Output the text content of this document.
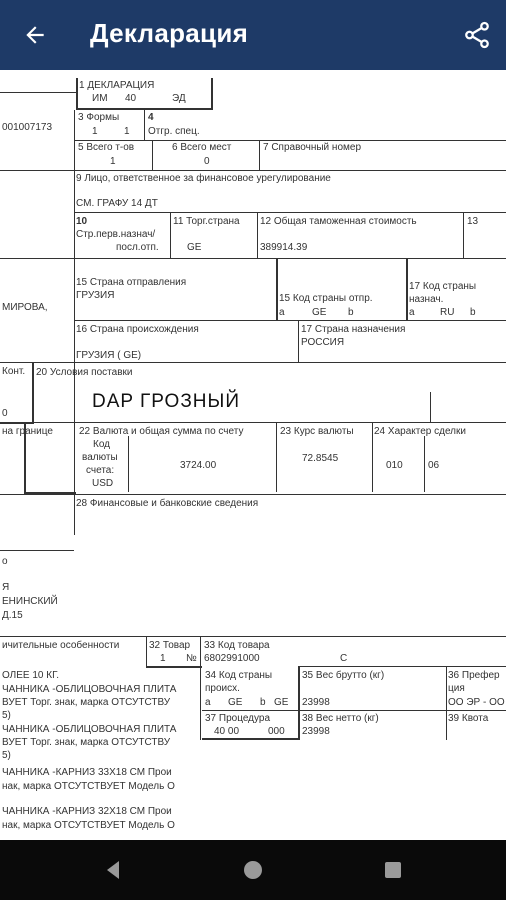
Декларация
1 ДЕКЛАРАЦИЯ
ИМ 40	ЭД
001007173
3 Формы
1	1
4
Отгр. спец.
5 Всего т-ов
1
6 Всего мест
0
7 Справочный номер
9 Лицо, ответственное за финансовое урегулирование
СМ. ГРАФУ 14 ДТ
10
Стр.перв.назнач/
посл.отп.
11 Торг.страна
GE
12 Общая таможенная стоимость
389914.39
13
МИРОВА,
15 Страна отправления
ГРУЗИЯ	15 Код страны отпр.
а	GE b
17 Код страны
назнач.
а	RU b
16 Страна происхождения
ГРУЗИЯ ( GE)
17 Страна назначения
РОССИЯ
Конт.
0
20 Условия поставки
DAP ГРОЗНЫЙ
на границе	22 Валюта и общая сумма по счету
Код
валюты
счета:
USD
3724.00
23 Курс валюты
72.8545
24 Характер сделки
010	06
28 Финансовые и банковские сведения
о
Я
ЕНИНСКИЙ
Д.15
ичительные особенности	32 Товар
1 №
33 Код товара
6802991000	С
34 Код страны
происх.
а GE b GE
35 Вес брутто (кг)
23998
36 Префер
ция
ОО ЭР - ОО
37 Процедура
40 00	000
38 Вес нетто (кг)
23998
39 Квота
ОЛЕЕ 10 КГ.
ЧАННИКА -ОБЛИЦОВОЧНАЯ ПЛИТА
ВУЕТ Торг. знак, марка ОТСУТСТВУ
5)
ЧАННИКА -ОБЛИЦОВОЧНАЯ ПЛИТА
ВУЕТ Торг. знак, марка ОТСУТСТВУ
5)
ЧАННИКА -КАРНИЗ 33X18 СМ Прои
нак, марка ОТСУТСТВУЕТ Модель О
ЧАННИКА -КАРНИЗ 32X18 СМ Прои
нак, марка ОТСУТСТВУЕТ Модель О
